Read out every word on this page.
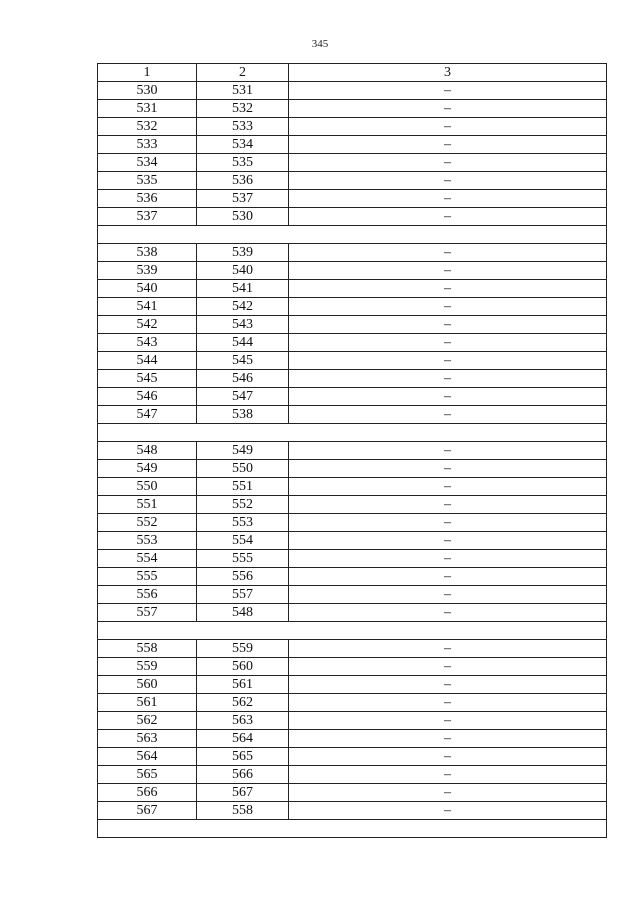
345
1	2	3
530	531	–
531	532	–
532	533	–
533	534	–
534	535	–
535	536	–
536	537	–
537	530	–

538	539	–
539	540	–
540	541	–
541	542	–
542	543	–
543	544	–
544	545	–
545	546	–
546	547	–
547	538	–

548	549	–
549	550	–
550	551	–
551	552	–
552	553	–
553	554	–
554	555	–
555	556	–
556	557	–
557	548	–

558	559	–
559	560	–
560	561	–
561	562	–
562	563	–
563	564	–
564	565	–
565	566	–
566	567	–
567	558	–
